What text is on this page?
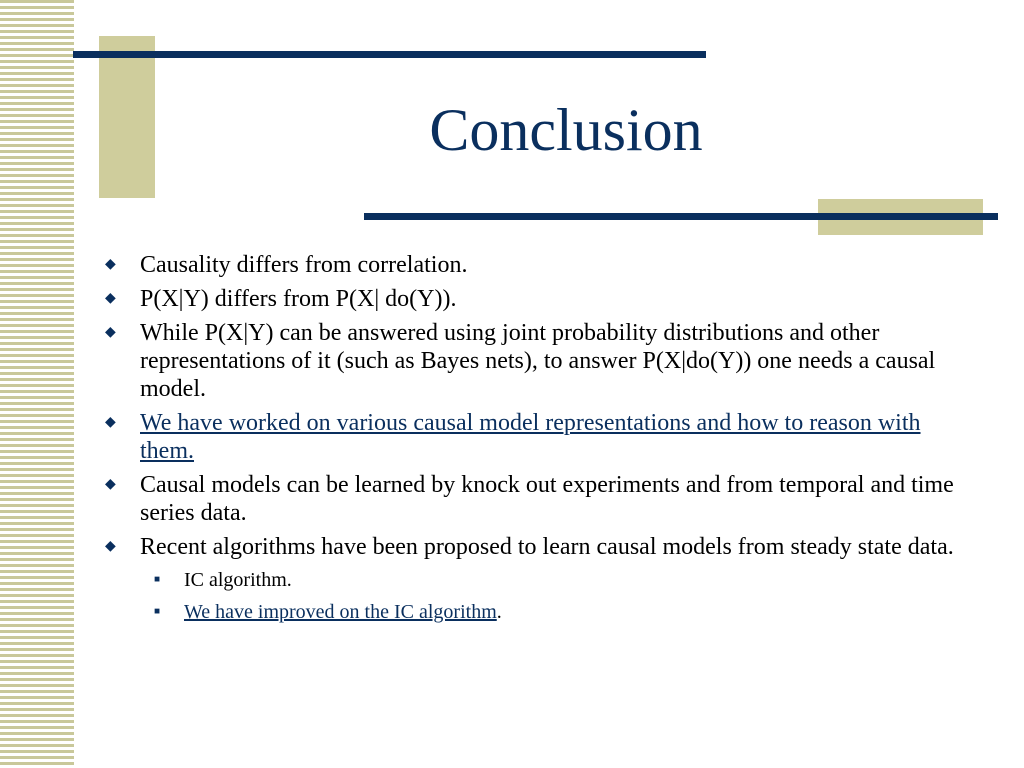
Conclusion
◆ Causality differs from correlation.
◆ P(X|Y) differs from P(X| do(Y)).
◆ While P(X|Y) can be answered using joint probability distributions and other representations of it (such as Bayes nets), to answer P(X|do(Y)) one needs a causal model.
◆ We have worked on various causal model representations and how to reason with them.
◆ Causal models can be learned by knock out experiments and from temporal and time series data.
◆ Recent algorithms have been proposed to learn causal models from steady state data.
■ IC algorithm.
■ We have improved on the IC algorithm.
